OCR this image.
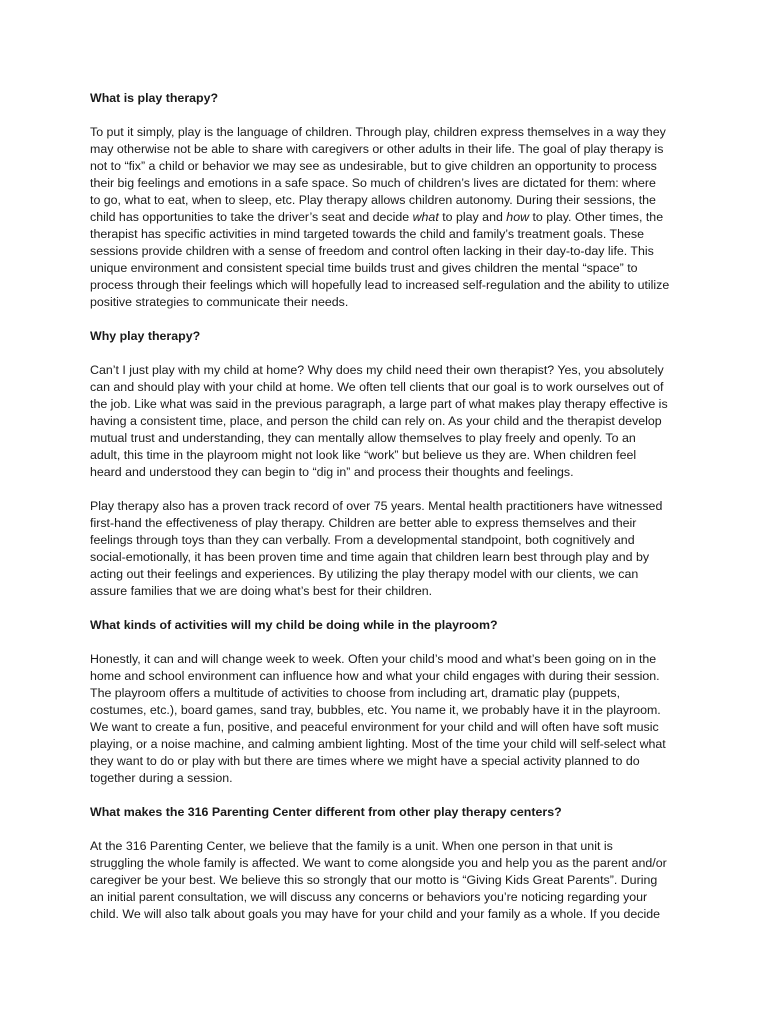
What is play therapy?
To put it simply, play is the language of children. Through play, children express themselves in a way they
may otherwise not be able to share with caregivers or other adults in their life. The goal of play therapy is
not to “fix” a child or behavior we may see as undesirable, but to give children an opportunity to process
their big feelings and emotions in a safe space. So much of children’s lives are dictated for them: where
to go, what to eat, when to sleep, etc. Play therapy allows children autonomy. During their sessions, the
child has opportunities to take the driver’s seat and decide what to play and how to play. Other times, the
therapist has specific activities in mind targeted towards the child and family’s treatment goals. These
sessions provide children with a sense of freedom and control often lacking in their day-to-day life. This
unique environment and consistent special time builds trust and gives children the mental “space” to
process through their feelings which will hopefully lead to increased self-regulation and the ability to utilize
positive strategies to communicate their needs.
Why play therapy?
Can’t I just play with my child at home? Why does my child need their own therapist? Yes, you absolutely
can and should play with your child at home. We often tell clients that our goal is to work ourselves out of
the job. Like what was said in the previous paragraph, a large part of what makes play therapy effective is
having a consistent time, place, and person the child can rely on. As your child and the therapist develop
mutual trust and understanding, they can mentally allow themselves to play freely and openly. To an
adult, this time in the playroom might not look like “work” but believe us they are. When children feel
heard and understood they can begin to “dig in” and process their thoughts and feelings.
Play therapy also has a proven track record of over 75 years. Mental health practitioners have witnessed
first-hand the effectiveness of play therapy. Children are better able to express themselves and their
feelings through toys than they can verbally. From a developmental standpoint, both cognitively and
social-emotionally, it has been proven time and time again that children learn best through play and by
acting out their feelings and experiences. By utilizing the play therapy model with our clients, we can
assure families that we are doing what’s best for their children.
What kinds of activities will my child be doing while in the playroom?
Honestly, it can and will change week to week. Often your child’s mood and what’s been going on in the
home and school environment can influence how and what your child engages with during their session.
The playroom offers a multitude of activities to choose from including art, dramatic play (puppets,
costumes, etc.), board games, sand tray, bubbles, etc. You name it, we probably have it in the playroom.
We want to create a fun, positive, and peaceful environment for your child and will often have soft music
playing, or a noise machine, and calming ambient lighting. Most of the time your child will self-select what
they want to do or play with but there are times where we might have a special activity planned to do
together during a session.
What makes the 316 Parenting Center different from other play therapy centers?
At the 316 Parenting Center, we believe that the family is a unit. When one person in that unit is
struggling the whole family is affected. We want to come alongside you and help you as the parent and/or
caregiver be your best. We believe this so strongly that our motto is “Giving Kids Great Parents”. During
an initial parent consultation, we will discuss any concerns or behaviors you’re noticing regarding your
child. We will also talk about goals you may have for your child and your family as a whole. If you decide
